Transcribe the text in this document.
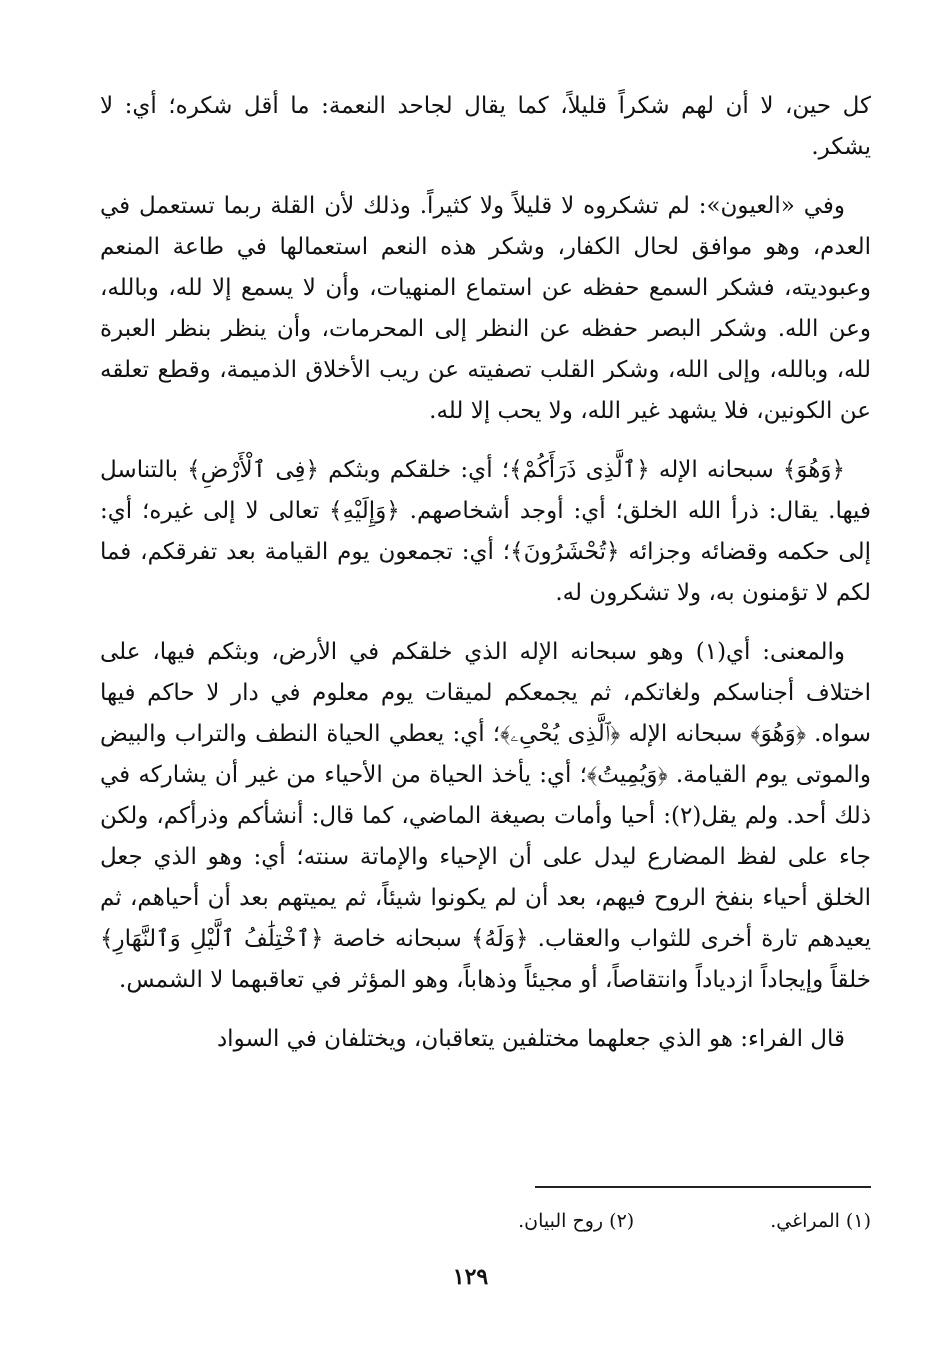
كل حين، لا أن لهم شكراً قليلاً، كما يقال لجاحد النعمة: ما أقل شكره؛ أي: لا يشكر.

وفي «العيون»: لم تشكروه لا قليلاً ولا كثيراً. وذلك لأن القلة ربما تستعمل في العدم، وهو موافق لحال الكفار، وشكر هذه النعم استعمالها في طاعة المنعم وعبوديته، فشكر السمع حفظه عن استماع المنهيات، وأن لا يسمع إلا لله، وبالله، وعن الله. وشكر البصر حفظه عن النظر إلى المحرمات، وأن ينظر بنظر العبرة لله، وبالله، وإلى الله، وشكر القلب تصفيته عن ريب الأخلاق الذميمة، وقطع تعلقه عن الكونين، فلا يشهد غير الله، ولا يحب إلا لله.

﴿وَهُوَ﴾ سبحانه الإله ﴿ٱلَّذِى ذَرَأَكُمْ﴾؛ أي: خلقكم وبثكم ﴿فِى ٱلْأَرْضِ﴾ بالتناسل فيها. يقال: ذرأ الله الخلق؛ أي: أوجد أشخاصهم. ﴿وَإِلَيْهِ﴾ تعالى لا إلى غيره؛ أي: إلى حكمه وقضائه وجزائه ﴿تُحْشَرُونَ﴾؛ أي: تجمعون يوم القيامة بعد تفرقكم، فما لكم لا تؤمنون به، ولا تشكرون له.

والمعنى: أي(١) وهو سبحانه الإله الذي خلقكم في الأرض، وبثكم فيها، على اختلاف أجناسكم ولغاتكم، ثم يجمعكم لميقات يوم معلوم في دار لا حاكم فيها سواه. ﴿وَهُوَ﴾ سبحانه الإله ﴿ٱلَّذِى يُحْىِۦ﴾؛ أي: يعطي الحياة النطف والتراب والبيض والموتى يوم القيامة. ﴿وَيُمِيتُ﴾؛ أي: يأخذ الحياة من الأحياء من غير أن يشاركه في ذلك أحد. ولم يقل(٢): أحيا وأمات بصيغة الماضي، كما قال: أنشأكم وذرأكم، ولكن جاء على لفظ المضارع ليدل على أن الإحياء والإماتة سنته؛ أي: وهو الذي جعل الخلق أحياء بنفخ الروح فيهم، بعد أن لم يكونوا شيئاً، ثم يميتهم بعد أن أحياهم، ثم يعيدهم تارة أخرى للثواب والعقاب. ﴿وَلَهُ﴾ سبحانه خاصة ﴿ٱخْتِلَٰفُ ٱلَّيْلِ وَٱلنَّهَارِ﴾ خلقاً وإيجاداً ازدياداً وانتقاصاً، أو مجيئاً وذهاباً، وهو المؤثر في تعاقبهما لا الشمس.

قال الفراء: هو الذي جعلهما مختلفين يتعاقبان، ويختلفان في السواد

(١) المراغي. (٢) روح البيان.
١٢٩
